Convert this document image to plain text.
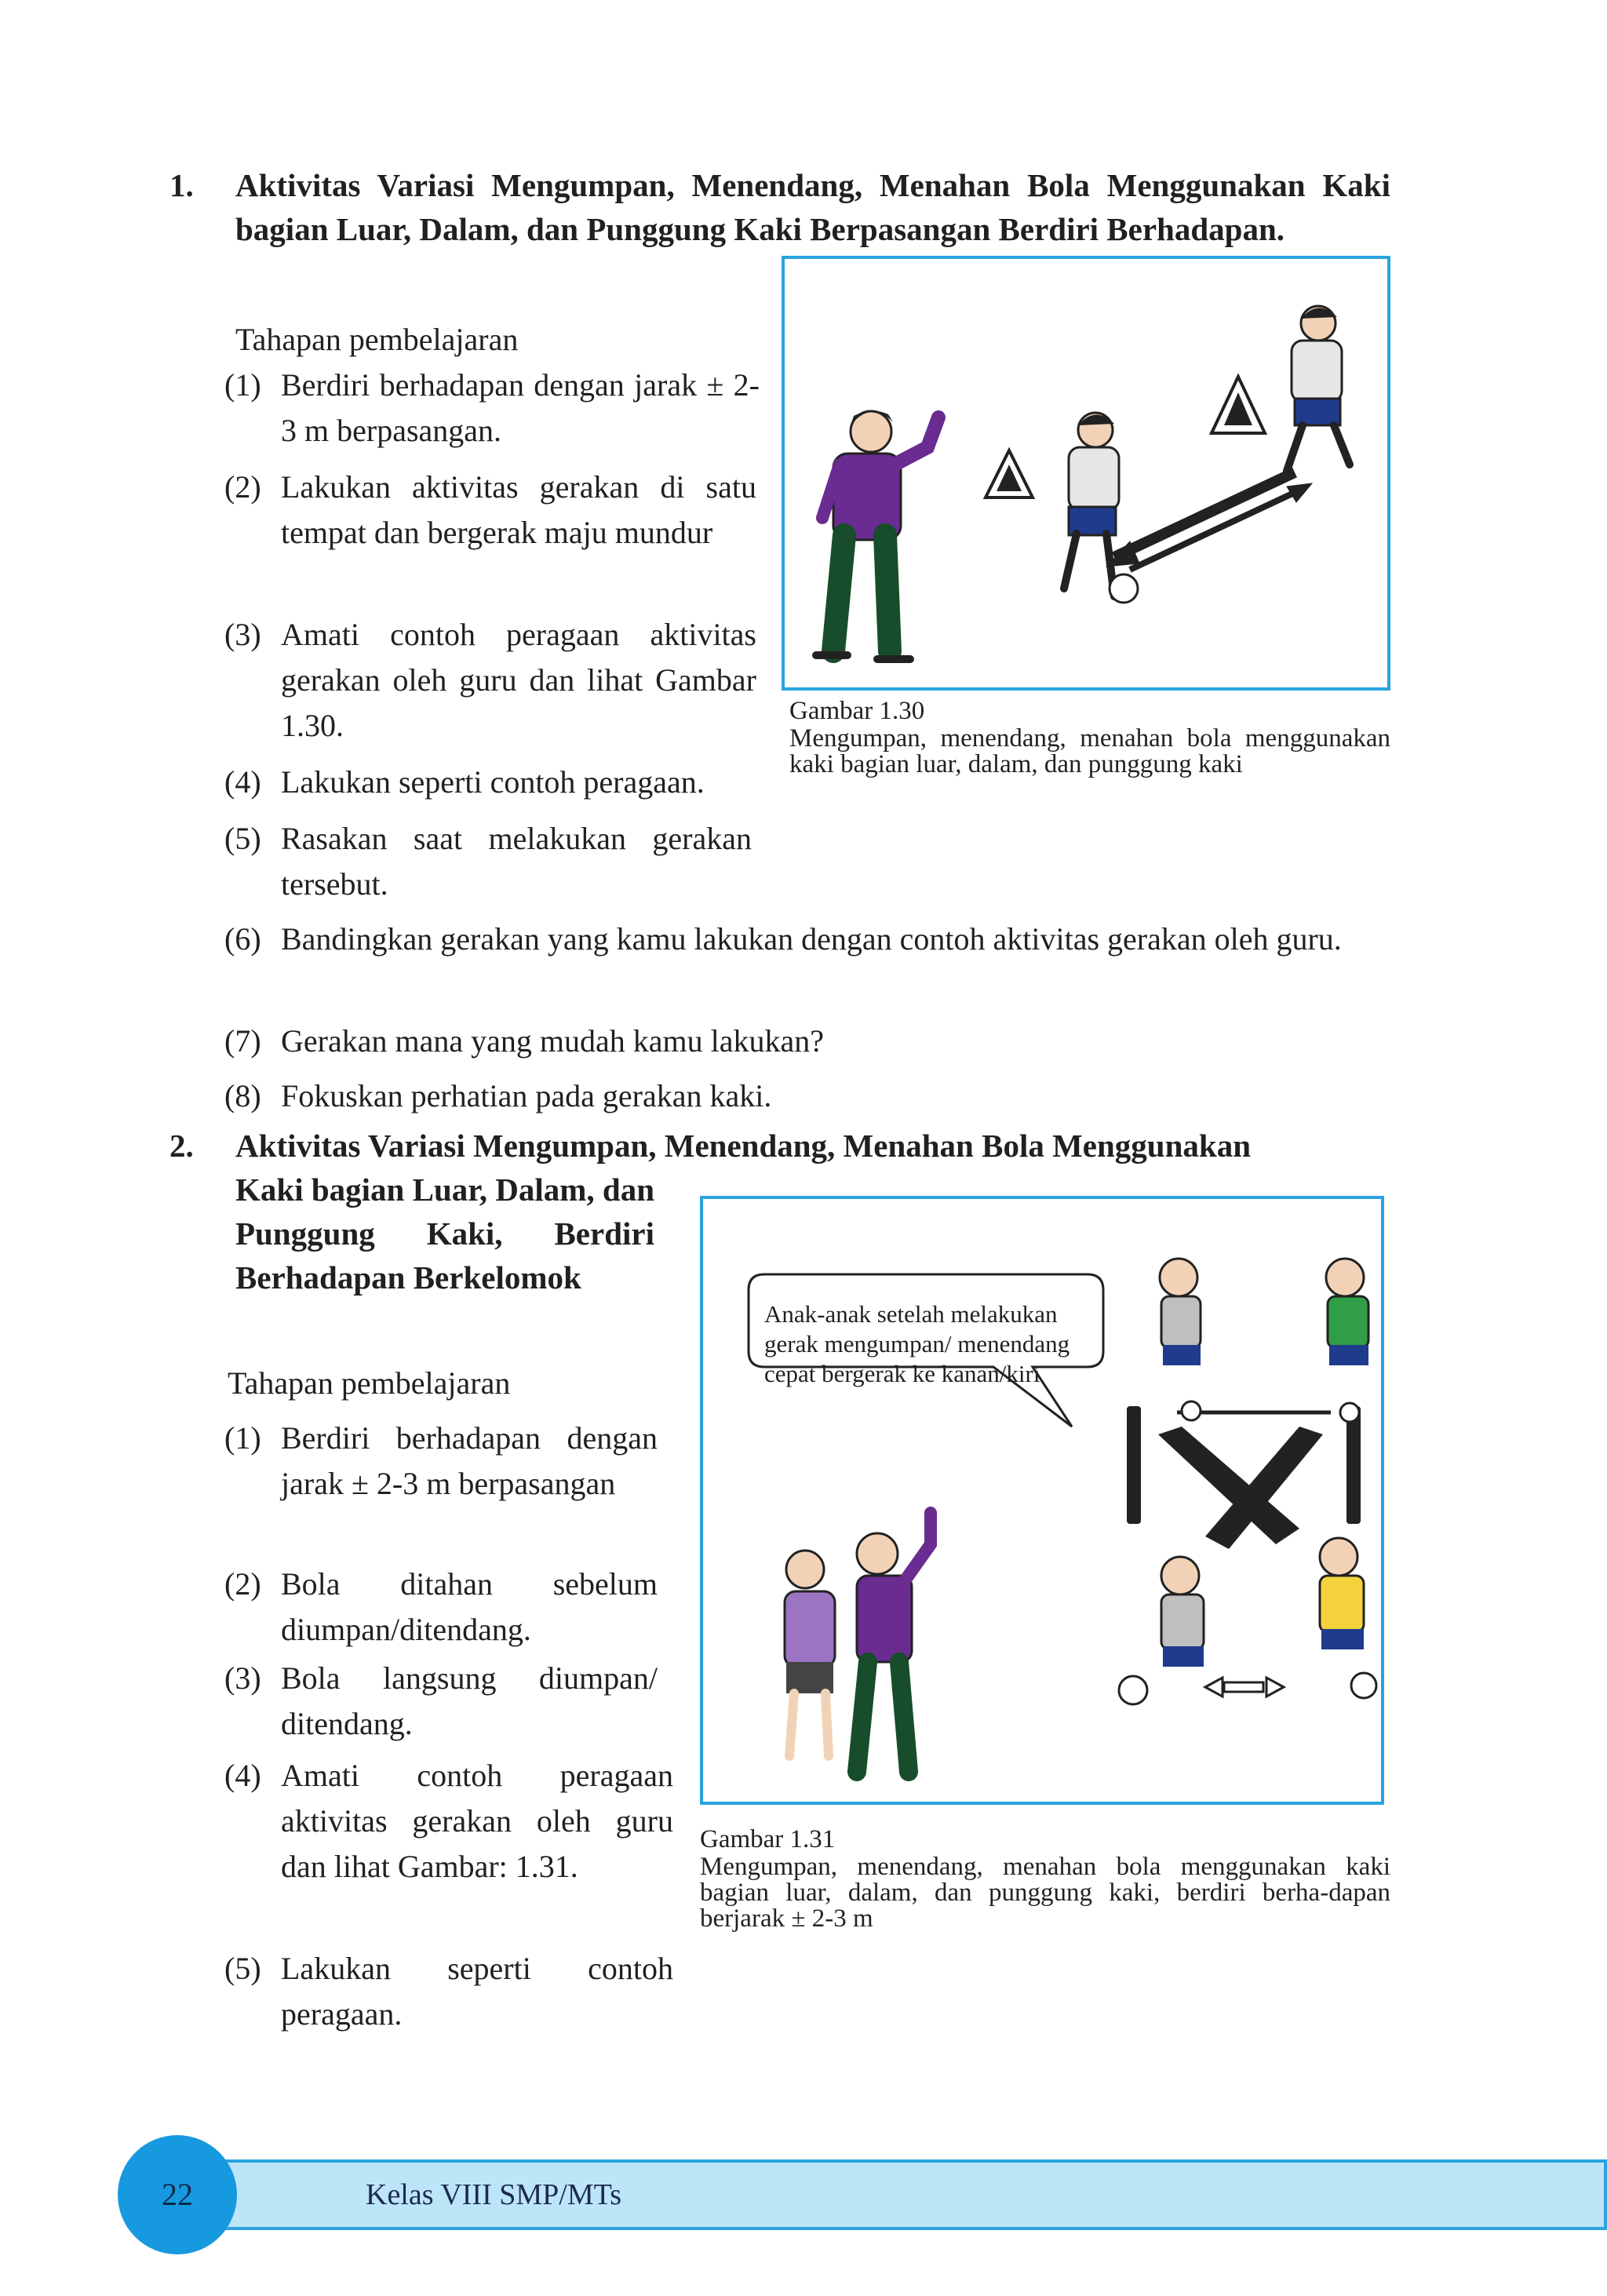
1. Aktivitas Variasi Mengumpan, Menendang, Menahan Bola Menggunakan Kaki bagian Luar, Dalam, dan Punggung Kaki Berpasangan Berdiri Berhadapan.
Tahapan pembelajaran
(1) Berdiri berhadapan dengan jarak ± 2-3 m berpasangan.
(2) Lakukan aktivitas gerakan di satu tempat dan bergerak maju mundur
(3) Amati contoh peragaan aktivitas gerakan oleh guru dan lihat Gambar 1.30.
(4) Lakukan seperti contoh peragaan.
(5) Rasakan saat melakukan gerakan tersebut.
(6) Bandingkan gerakan yang kamu lakukan dengan contoh aktivitas gerakan oleh guru.
(7) Gerakan mana yang mudah kamu lakukan?
(8) Fokuskan perhatian pada gerakan kaki.
Gambar 1.30
Mengumpan, menendang, menahan bola menggunakan kaki bagian luar, dalam, dan punggung kaki
2. Aktivitas Variasi Mengumpan, Menendang, Menahan Bola Menggunakan
Kaki bagian Luar, Dalam, dan Punggung Kaki, Berdiri Berhadapan Berkelomok
Tahapan pembelajaran
(1) Berdiri berhadapan dengan jarak ± 2-3 m berpasangan
(2) Bola ditahan sebelum diumpan/ditendang.
(3) Bola langsung diumpan/ ditendang.
(4) Amati contoh peragaan aktivitas gerakan oleh guru dan lihat Gambar: 1.31.
(5) Lakukan seperti contoh peragaan.
Anak-anak setelah melakukan gerak mengumpan/ menendang cepat bergerak ke kanan/kiri
Gambar 1.31
Mengumpan, menendang, menahan bola menggunakan kaki bagian luar, dalam, dan punggung kaki, berdiri berha-dapan berjarak ± 2-3 m
22	Kelas VIII SMP/MTs
